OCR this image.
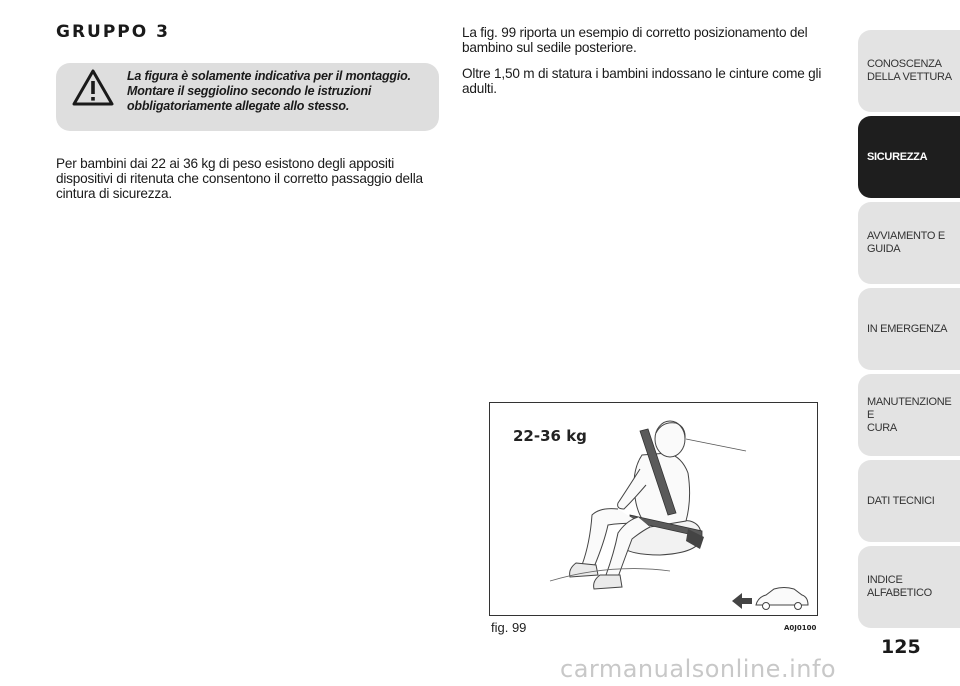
GRUPPO 3
La figura è solamente indicativa per il montaggio. Montare il seggiolino secondo le istruzioni obbligatoriamente allegate allo stesso.
Per bambini dai 22 ai 36 kg di peso esistono degli appositi dispositivi di ritenuta che consentono il corretto passaggio della cintura di sicurezza.
La fig. 99 riporta un esempio di corretto posizionamento del bambino sul sedile posteriore.
Oltre 1,50 m di statura i bambini indossano le cinture come gli adulti.
22-36 kg
fig. 99	A0J0100
CONOSCENZA
DELLA VETTURA
SICUREZZA
AVVIAMENTO E
GUIDA
IN EMERGENZA
MANUTENZIONE E
CURA
DATI TECNICI
INDICE ALFABETICO
125
carmanualsonline.info
